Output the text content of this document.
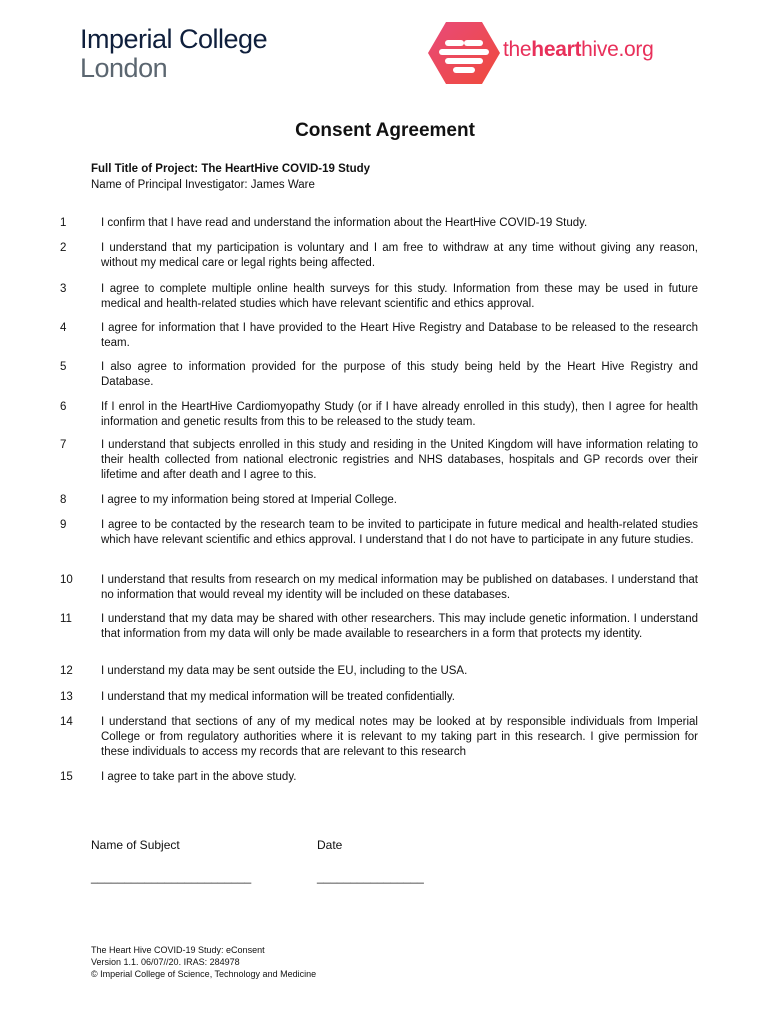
Imperial College
London
thehearthive.org
Consent Agreement
Full Title of Project: The HeartHive COVID-19 Study
Name of Principal Investigator: James Ware
1	I confirm that I have read and understand the information about the HeartHive COVID-19 Study.
2	I understand that my participation is voluntary and I am free to withdraw at any time without giving any reason, without my medical care or legal rights being affected.
3	I agree to complete multiple online health surveys for this study. Information from these may be used in future medical and health-related studies which have relevant scientific and ethics approval.
4	I agree for information that I have provided to the Heart Hive Registry and Database to be released to the research team.
5	I also agree to information provided for the purpose of this study being held by the Heart Hive Registry and Database.
6	If I enrol in the HeartHive Cardiomyopathy Study (or if I have already enrolled in this study), then I agree for health information and genetic results from this to be released to the study team.
7	I understand that subjects enrolled in this study and residing in the United Kingdom will have information relating to their health collected from national electronic registries and NHS databases, hospitals and GP records over their lifetime and after death and I agree to this.
8	I agree to my information being stored at Imperial College.
9	I agree to be contacted by the research team to be invited to participate in future medical and health-related studies which have relevant scientific and ethics approval. I understand that I do not have to participate in any future studies.
10	I understand that results from research on my medical information may be published on databases. I understand that no information that would reveal my identity will be included on these databases.
11	I understand that my data may be shared with other researchers. This may include genetic information. I understand that information from my data will only be made available to researchers in a form that protects my identity.
12	I understand my data may be sent outside the EU, including to the USA.
13	I understand that my medical information will be treated confidentially.
14	I understand that sections of any of my medical notes may be looked at by responsible individuals from Imperial College or from regulatory authorities where it is relevant to my taking part in this research. I give permission for these individuals to access my records that are relevant to this research
15	I agree to take part in the above study.
Name of Subject	Date
________________________	________________
The Heart Hive COVID-19 Study: eConsent
Version 1.1. 06/07//20. IRAS: 284978
© Imperial College of Science, Technology and Medicine
